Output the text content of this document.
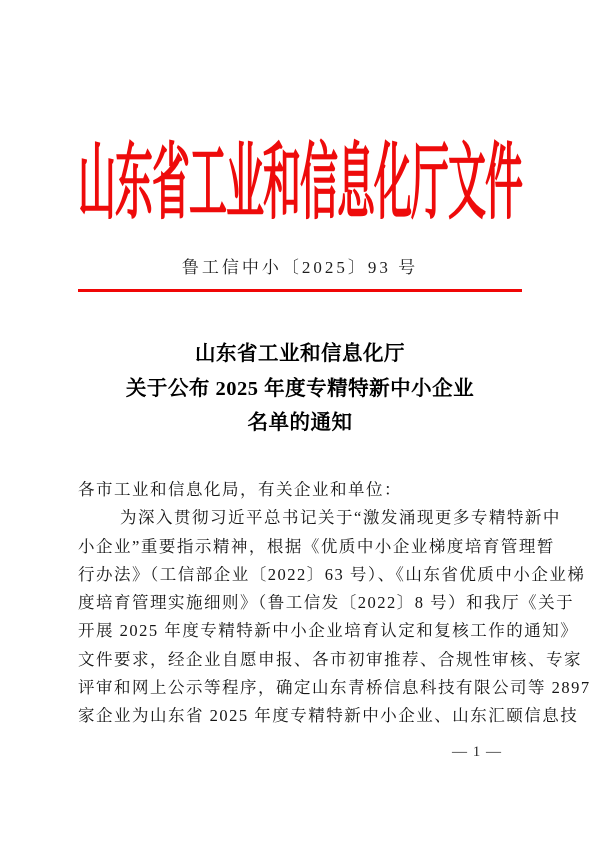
山东省工业和信息化厅文件
鲁工信中小〔2025〕93 号
山东省工业和信息化厅
关于公布 2025 年度专精特新中小企业
名单的通知
各市工业和信息化局，有关企业和单位：
为深入贯彻习近平总书记关于“激发涌现更多专精特新中
小企业”重要指示精神，根据《优质中小企业梯度培育管理暂
行办法》（工信部企业〔2022〕63 号）、《山东省优质中小企业梯
度培育管理实施细则》（鲁工信发〔2022〕8 号）和我厅《关于
开展 2025 年度专精特新中小企业培育认定和复核工作的通知》
文件要求，经企业自愿申报、各市初审推荐、合规性审核、专家
评审和网上公示等程序，确定山东青桥信息科技有限公司等 2897
家企业为山东省 2025 年度专精特新中小企业、山东汇颐信息技
— 1 —
